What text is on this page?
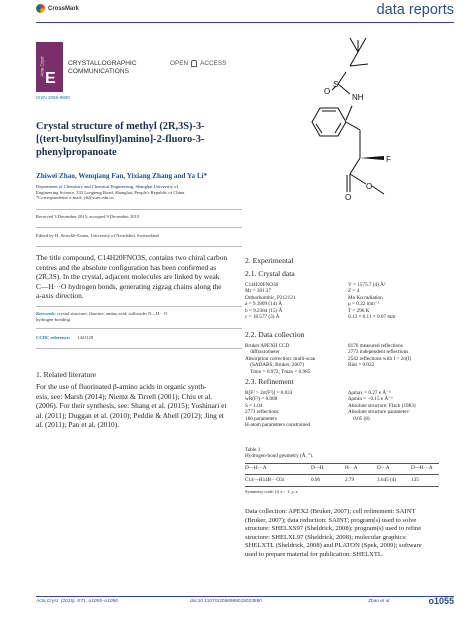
CrossMark	data reports
Acta Cryst
E
CRYSTALLOGRAPHIC
COMMUNICATIONS
OPEN ACCESS
ISSN 2056-9890
Crystal structure of methyl (2R,3S)-3-
[(tert-butylsulfinyl)amino]-2-fluoro-3-
phenylpropanoate
Zhiwei Zhao, Wenqiang Fan, Yixiang Zhang and Ya Li*
Department of Chemistry and Chemical Engineering, Shanghai University of
Engineering Science, 333 Longteng Road, Shanghai, People's Republic of China.
*Correspondence e-mail: yli@sues.edu.cn
Received 3 December 2015; accepted 9 December 2015
Edited by H. Stoeckli-Evans, University of Neuchâtel, Switzerland
The title compound, C14H20FNO3S, contains two chiral carbon
centres and the absolute configuration has been confirmed as
(2R,3S). In the crystal, adjacent molecules are linked by weak
C—H···O hydrogen bonds, generating zigzag chains along the
a-axis direction.
Keywords: crystal structure; fluorine; amino acid; sulfoxide; N—H···O
hydrogen-bonding.
CCDC reference: 1441129
1. Related literature
For the use of fluorinated β-amino acids in organic synth-
esis, see: Marsh (2014); Niemz & Tirrell (2001); Chiu et al.
(2006). For their synthesis, see: Shang et al. (2015); Yoshinari et
al. (2011); Duggan et al. (2010); Peddie & Abell (2012); Jing et
al. (2011); Pan et al. (2010).
S
O
NH
F
O
O
2. Experimental
2.1. Crystal data
C14H20FNO3S
Mr = 301.37
Orthorhombic, P212121
a = 9.1809 (14) Å
b = 9.2384 (15) Å
c = 18.577 (3) Å
V = 1575.7 (4) Å³
Z = 4
Mo Kα radiation
μ = 0.22 mm⁻¹
T = 296 K
0.13 × 0.11 × 0.07 mm
2.2. Data collection
Bruker APEXII CCD
diffractometer
Absorption correction: multi-scan
(SADABS; Bruker, 2007)
Tmin = 0.972, Tmax = 0.985
8176 measured reflections
2773 independent reflections
2542 reflections with I > 2σ(I)
Rint = 0.022
2.3. Refinement
R[F² > 2σ(F²)] = 0.033
wR(F²) = 0.088
S = 1.04
2773 reflections
186 parameters
H-atom parameters constrained
Δρmax = 0.27 e Å⁻³
Δρmin = −0.15 e Å⁻³
Absolute structure: Flack (1983)
Absolute structure parameter:
0.05 (8)
Table 1
Hydrogen-bond geometry (Å, °).
D—H···A	D—H	H···A	D···A	D—H···A
C14—H14B···O3i	0.96	2.79	3.645 (4)	135
Symmetry code: (i) x − 1, y, z.
Data collection: APEX2 (Bruker, 2007); cell refinement: SAINT
(Bruker, 2007); data reduction: SAINT; program(s) used to solve
structure: SHELXS97 (Sheldrick, 2008); program(s) used to refine
structure: SHELXL97 (Sheldrick, 2008); molecular graphics:
SHELXTL (Sheldrick, 2008) and PLATON (Spek, 2009); software
used to prepare material for publication: SHELXTL.
Acta Cryst. (2015). E71, o1055–o1056	doi:10.1107/S2056989015023580	Zhao et al.	o1055
